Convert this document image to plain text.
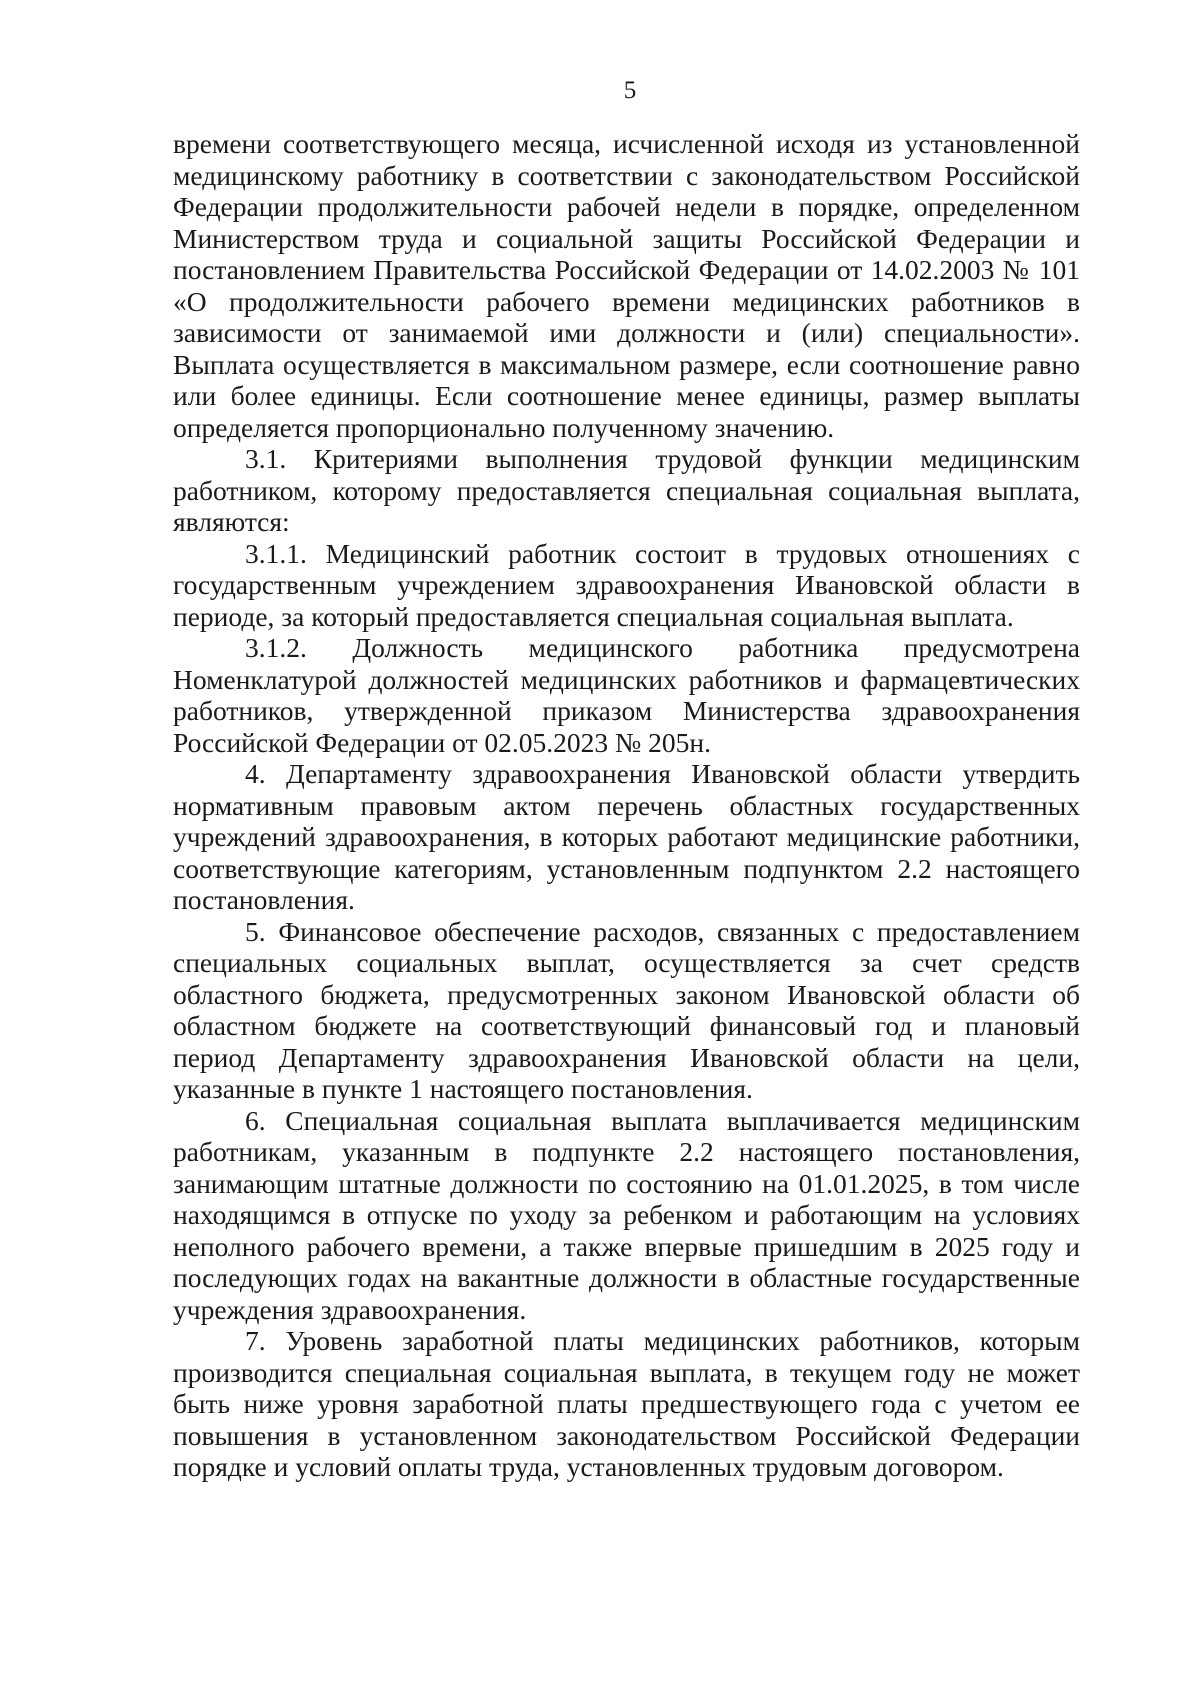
5

времени соответствующего месяца, исчисленной исходя из установленной медицинскому работнику в соответствии с законодательством Российской Федерации продолжительности рабочей недели в порядке, определенном Министерством труда и социальной защиты Российской Федерации и постановлением Правительства Российской Федерации от 14.02.2003 № 101 «О продолжительности рабочего времени медицинских работников в зависимости от занимаемой ими должности и (или) специальности». Выплата осуществляется в максимальном размере, если соотношение равно или более единицы. Если соотношение менее единицы, размер выплаты определяется пропорционально полученному значению.

3.1. Критериями выполнения трудовой функции медицинским работником, которому предоставляется специальная социальная выплата, являются:

3.1.1. Медицинский работник состоит в трудовых отношениях с государственным учреждением здравоохранения Ивановской области в периоде, за который предоставляется специальная социальная выплата.

3.1.2. Должность медицинского работника предусмотрена Номенклатурой должностей медицинских работников и фармацевтических работников, утвержденной приказом Министерства здравоохранения Российской Федерации от 02.05.2023 № 205н.

4. Департаменту здравоохранения Ивановской области утвердить нормативным правовым актом перечень областных государственных учреждений здравоохранения, в которых работают медицинские работники, соответствующие категориям, установленным подпунктом 2.2 настоящего постановления.

5. Финансовое обеспечение расходов, связанных с предоставлением специальных социальных выплат, осуществляется за счет средств областного бюджета, предусмотренных законом Ивановской области об областном бюджете на соответствующий финансовый год и плановый период Департаменту здравоохранения Ивановской области на цели, указанные в пункте 1 настоящего постановления.

6. Специальная социальная выплата выплачивается медицинским работникам, указанным в подпункте 2.2 настоящего постановления, занимающим штатные должности по состоянию на 01.01.2025, в том числе находящимся в отпуске по уходу за ребенком и работающим на условиях неполного рабочего времени, а также впервые пришедшим в 2025 году и последующих годах на вакантные должности в областные государственные учреждения здравоохранения.

7. Уровень заработной платы медицинских работников, которым производится специальная социальная выплата, в текущем году не может быть ниже уровня заработной платы предшествующего года с учетом ее повышения в установленном законодательством Российской Федерации порядке и условий оплаты труда, установленных трудовым договором.
